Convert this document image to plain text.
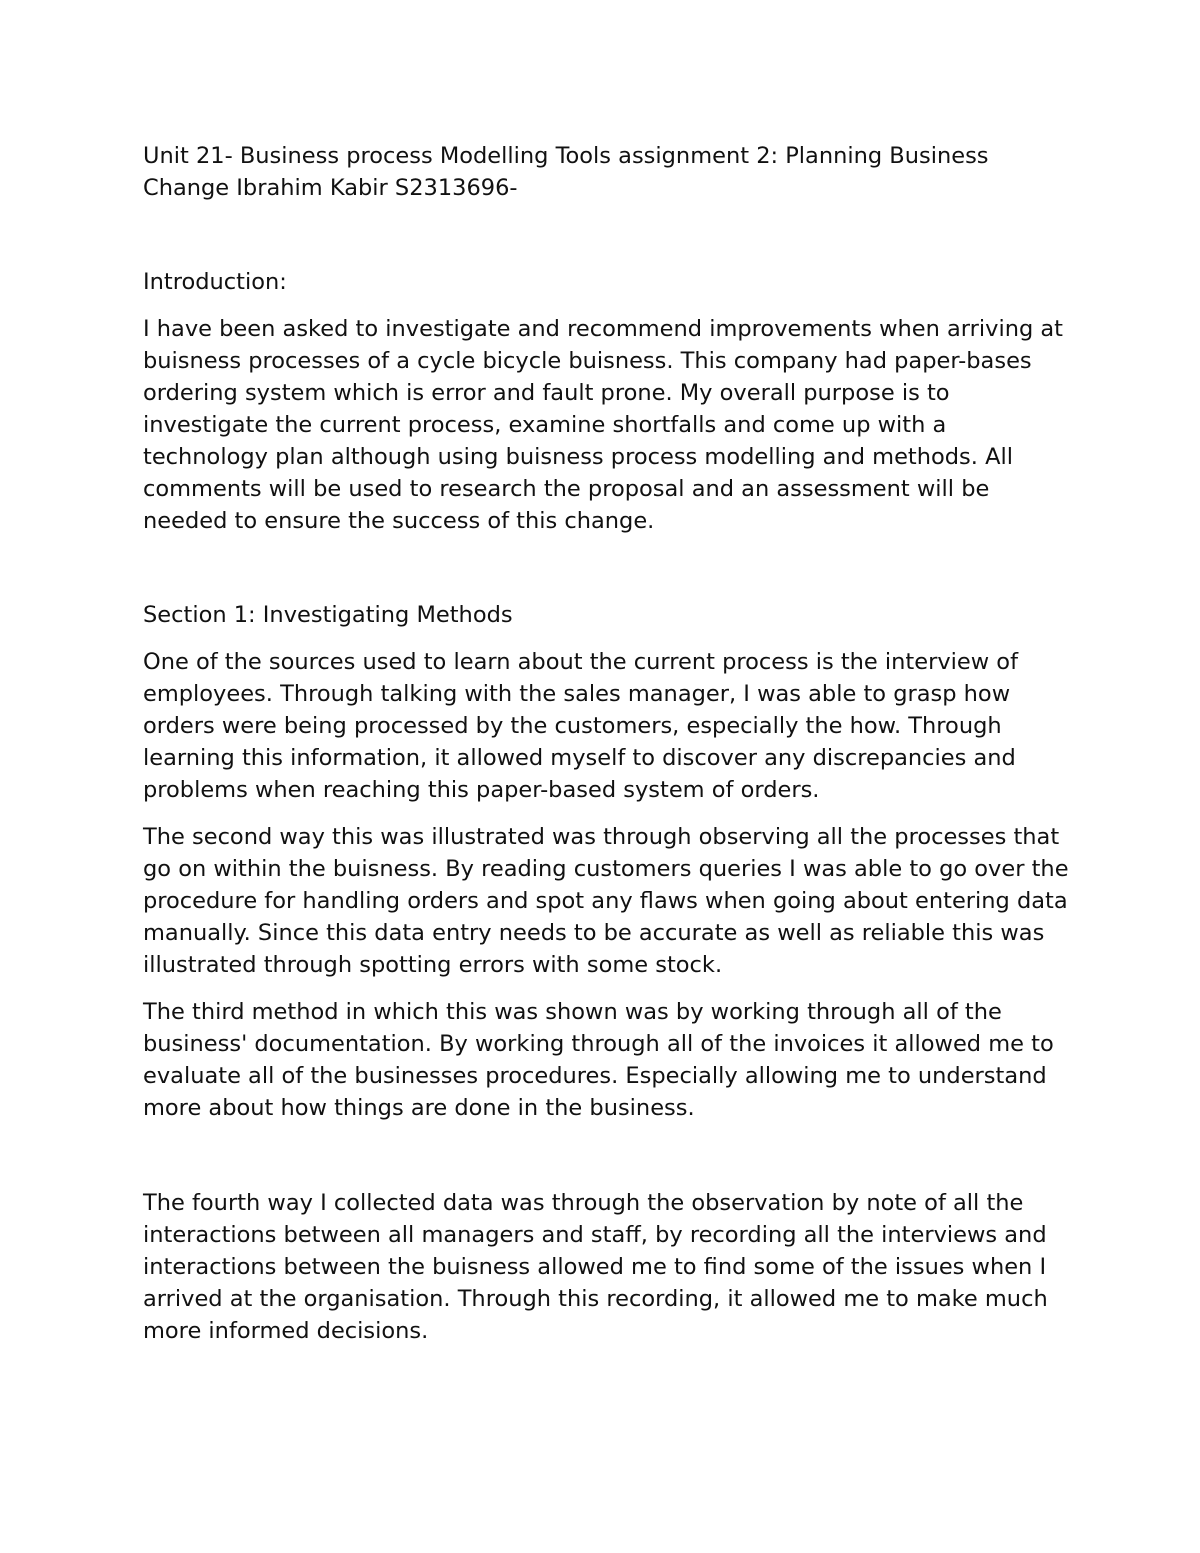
Unit 21- Business process Modelling Tools assignment 2: Planning Business Change Ibrahim Kabir S2313696-

Introduction:

I have been asked to investigate and recommend improvements when arriving at buisness processes of a cycle bicycle buisness. This company had paper-bases ordering system which is error and fault prone. My overall purpose is to investigate the current process, examine shortfalls and come up with a technology plan although using buisness process modelling and methods. All comments will be used to research the proposal and an assessment will be needed to ensure the success of this change.

Section 1: Investigating Methods

One of the sources used to learn about the current process is the interview of employees. Through talking with the sales manager, I was able to grasp how orders were being processed by the customers, especially the how. Through learning this information, it allowed myself to discover any discrepancies and problems when reaching this paper-based system of orders.

The second way this was illustrated was through observing all the processes that go on within the buisness. By reading customers queries I was able to go over the procedure for handling orders and spot any flaws when going about entering data manually. Since this data entry needs to be accurate as well as reliable this was illustrated through spotting errors with some stock.

The third method in which this was shown was by working through all of the business' documentation. By working through all of the invoices it allowed me to evaluate all of the businesses procedures. Especially allowing me to understand more about how things are done in the business.

The fourth way I collected data was through the observation by note of all the interactions between all managers and staff, by recording all the interviews and interactions between the buisness allowed me to find some of the issues when I arrived at the organisation. Through this recording, it allowed me to make much more informed decisions.
